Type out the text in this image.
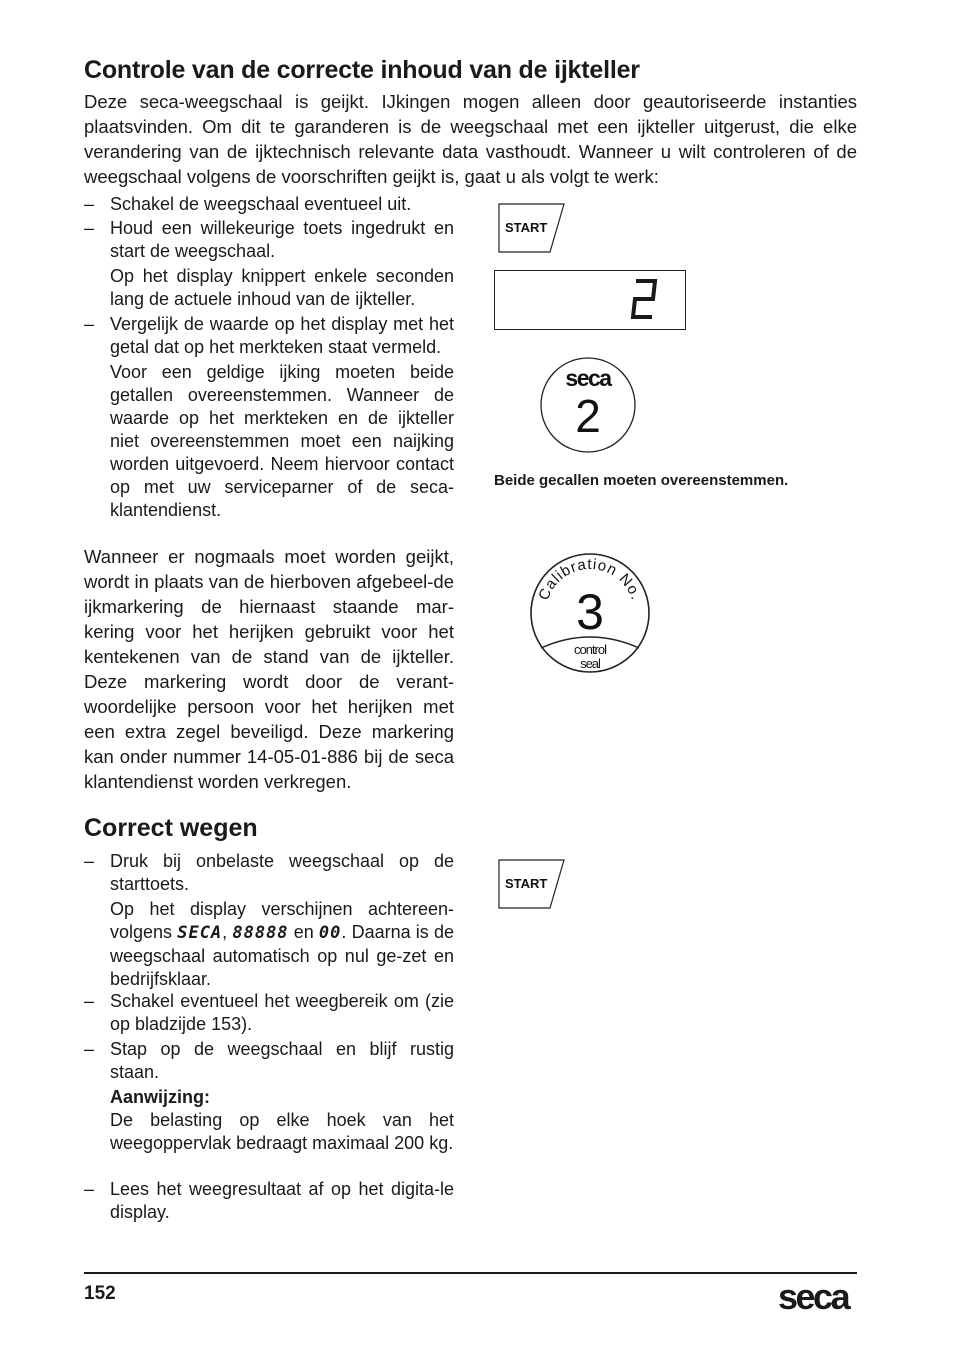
Controle van de correcte inhoud van de ijkteller

Deze seca-weegschaal is geijkt. IJkingen mogen alleen door geautoriseerde instanties plaatsvinden. Om dit te garanderen is de weegschaal met een ijkteller uitgerust, die elke verandering van de ijktechnisch relevante data vasthoudt. Wanneer u wilt controleren of de weegschaal volgens de voorschriften geijkt is, gaat u als volgt te werk:

– Schakel de weegschaal eventueel uit.
– Houd een willekeurige toets ingedrukt en start de weegschaal.
Op het display knippert enkele seconden lang de actuele inhoud van de ijkteller.
– Vergelijk de waarde op het display met het getal dat op het merkteken staat vermeld.
Voor een geldige ijking moeten beide getallen overeenstemmen. Wanneer de waarde op het merkteken en de ijkteller niet overeenstemmen moet een naijking worden uitgevoerd. Neem hiervoor contact op met uw serviceparner of de seca-klantendienst.

Wanneer er nogmaals moet worden geijkt, wordt in plaats van de hierboven afgebeel-de ijkmarkering de hiernaast staande mar-kering voor het herijken gebruikt voor het kentekenen van de stand van de ijkteller. Deze markering wordt door de verant-woordelijke persoon voor het herijken met een extra zegel beveiligd. Deze markering kan onder nummer 14-05-01-886 bij de seca klantendienst worden verkregen.

START
seca
2
Beide gecallen moeten overeenstemmen.
Calibration No.
3
control
seal
START
Correct wegen
– Druk bij onbelaste weegschaal op de starttoets.
Op het display verschijnen achtereen-volgens SECA, 88888 en 00. Daarna is de weegschaal automatisch op nul ge-zet en bedrijfsklaar.
– Schakel eventueel het weegbereik om (zie op bladzijde 153).
– Stap op de weegschaal en blijf rustig staan.
Aanwijzing:
De belasting op elke hoek van het weegoppervlak bedraagt maximaal 200 kg.
– Lees het weegresultaat af op het digita-le display.
152	seca
